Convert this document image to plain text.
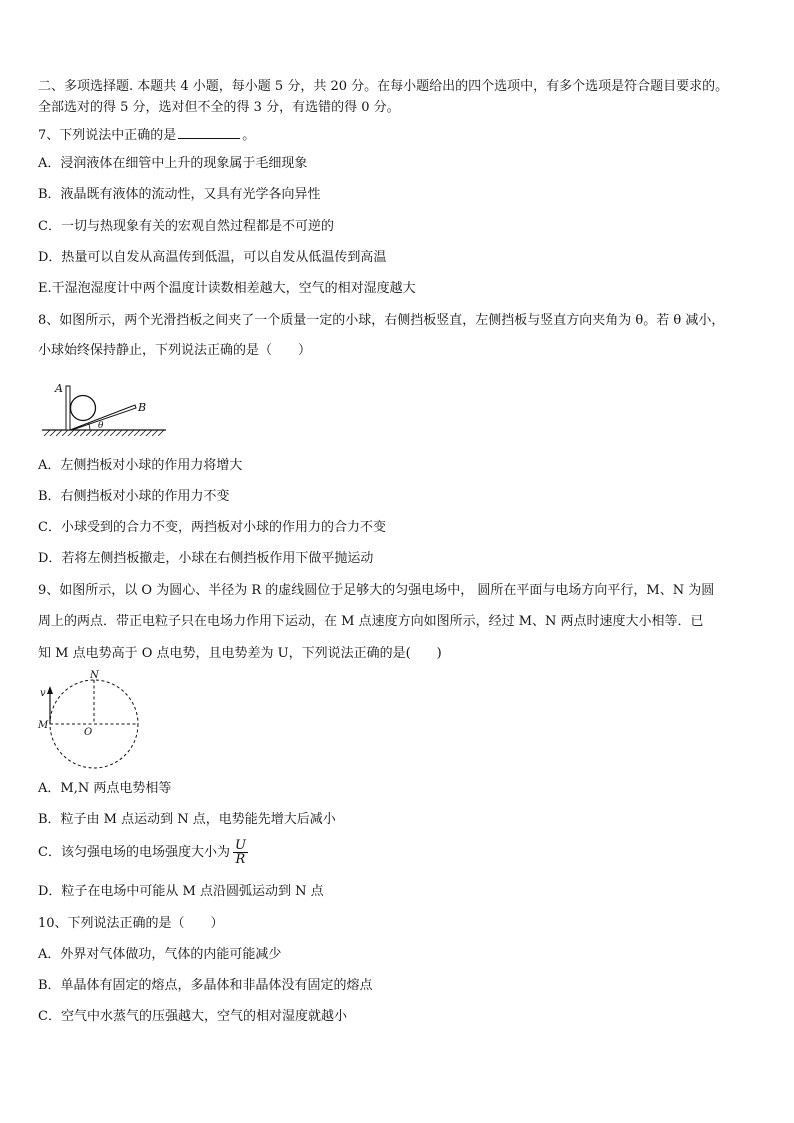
二、多项选择题. 本题共 4 小题，每小题 5 分，共 20 分。在每小题给出的四个选项中，有多个选项是符合题目要求的。
全部选对的得 5 分，选对但不全的得 3 分，有选错的得 0 分。
7、下列说法中正确的是	。
A．浸润液体在细管中上升的现象属于毛细现象
B．液晶既有液体的流动性，又具有光学各向异性
C．一切与热现象有关的宏观自然过程都是不可逆的
D．热量可以自发从高温传到低温，可以自发从低温传到高温
E.干湿泡湿度计中两个温度计读数相差越大，空气的相对湿度越大
8、如图所示，两个光滑挡板之间夹了一个质量一定的小球，右侧挡板竖直，左侧挡板与竖直方向夹角为 θ。若 θ 减小，
小球始终保持静止，下列说法正确的是（　　）
A
B
θ
A．左侧挡板对小球的作用力将增大
B．右侧挡板对小球的作用力不变
C．小球受到的合力不变，两挡板对小球的作用力的合力不变
D．若将左侧挡板撤走，小球在右侧挡板作用下做平抛运动
9、如图所示，以 O 为圆心、半径为 R 的虚线圆位于足够大的匀强电场中， 圆所在平面与电场方向平行，M、N 为圆
周上的两点．带正电粒子只在电场力作用下运动，在 M 点速度方向如图所示，经过 M、N 两点时速度大小相等．已
知 M 点电势高于 O 点电势，且电势差为 U，下列说法正确的是(　　)
N
M
O
v
A．M,N 两点电势相等
B．粒子由 M 点运动到 N 点，电势能先增大后减小
C．该匀强电场的电场强度大小为 $\frac{U}{R}$
D．粒子在电场中可能从 M 点沿圆弧运动到 N 点
10、下列说法正确的是（　　）
A．外界对气体做功，气体的内能可能减少
B．单晶体有固定的熔点，多晶体和非晶体没有固定的熔点
C．空气中水蒸气的压强越大，空气的相对湿度就越小
